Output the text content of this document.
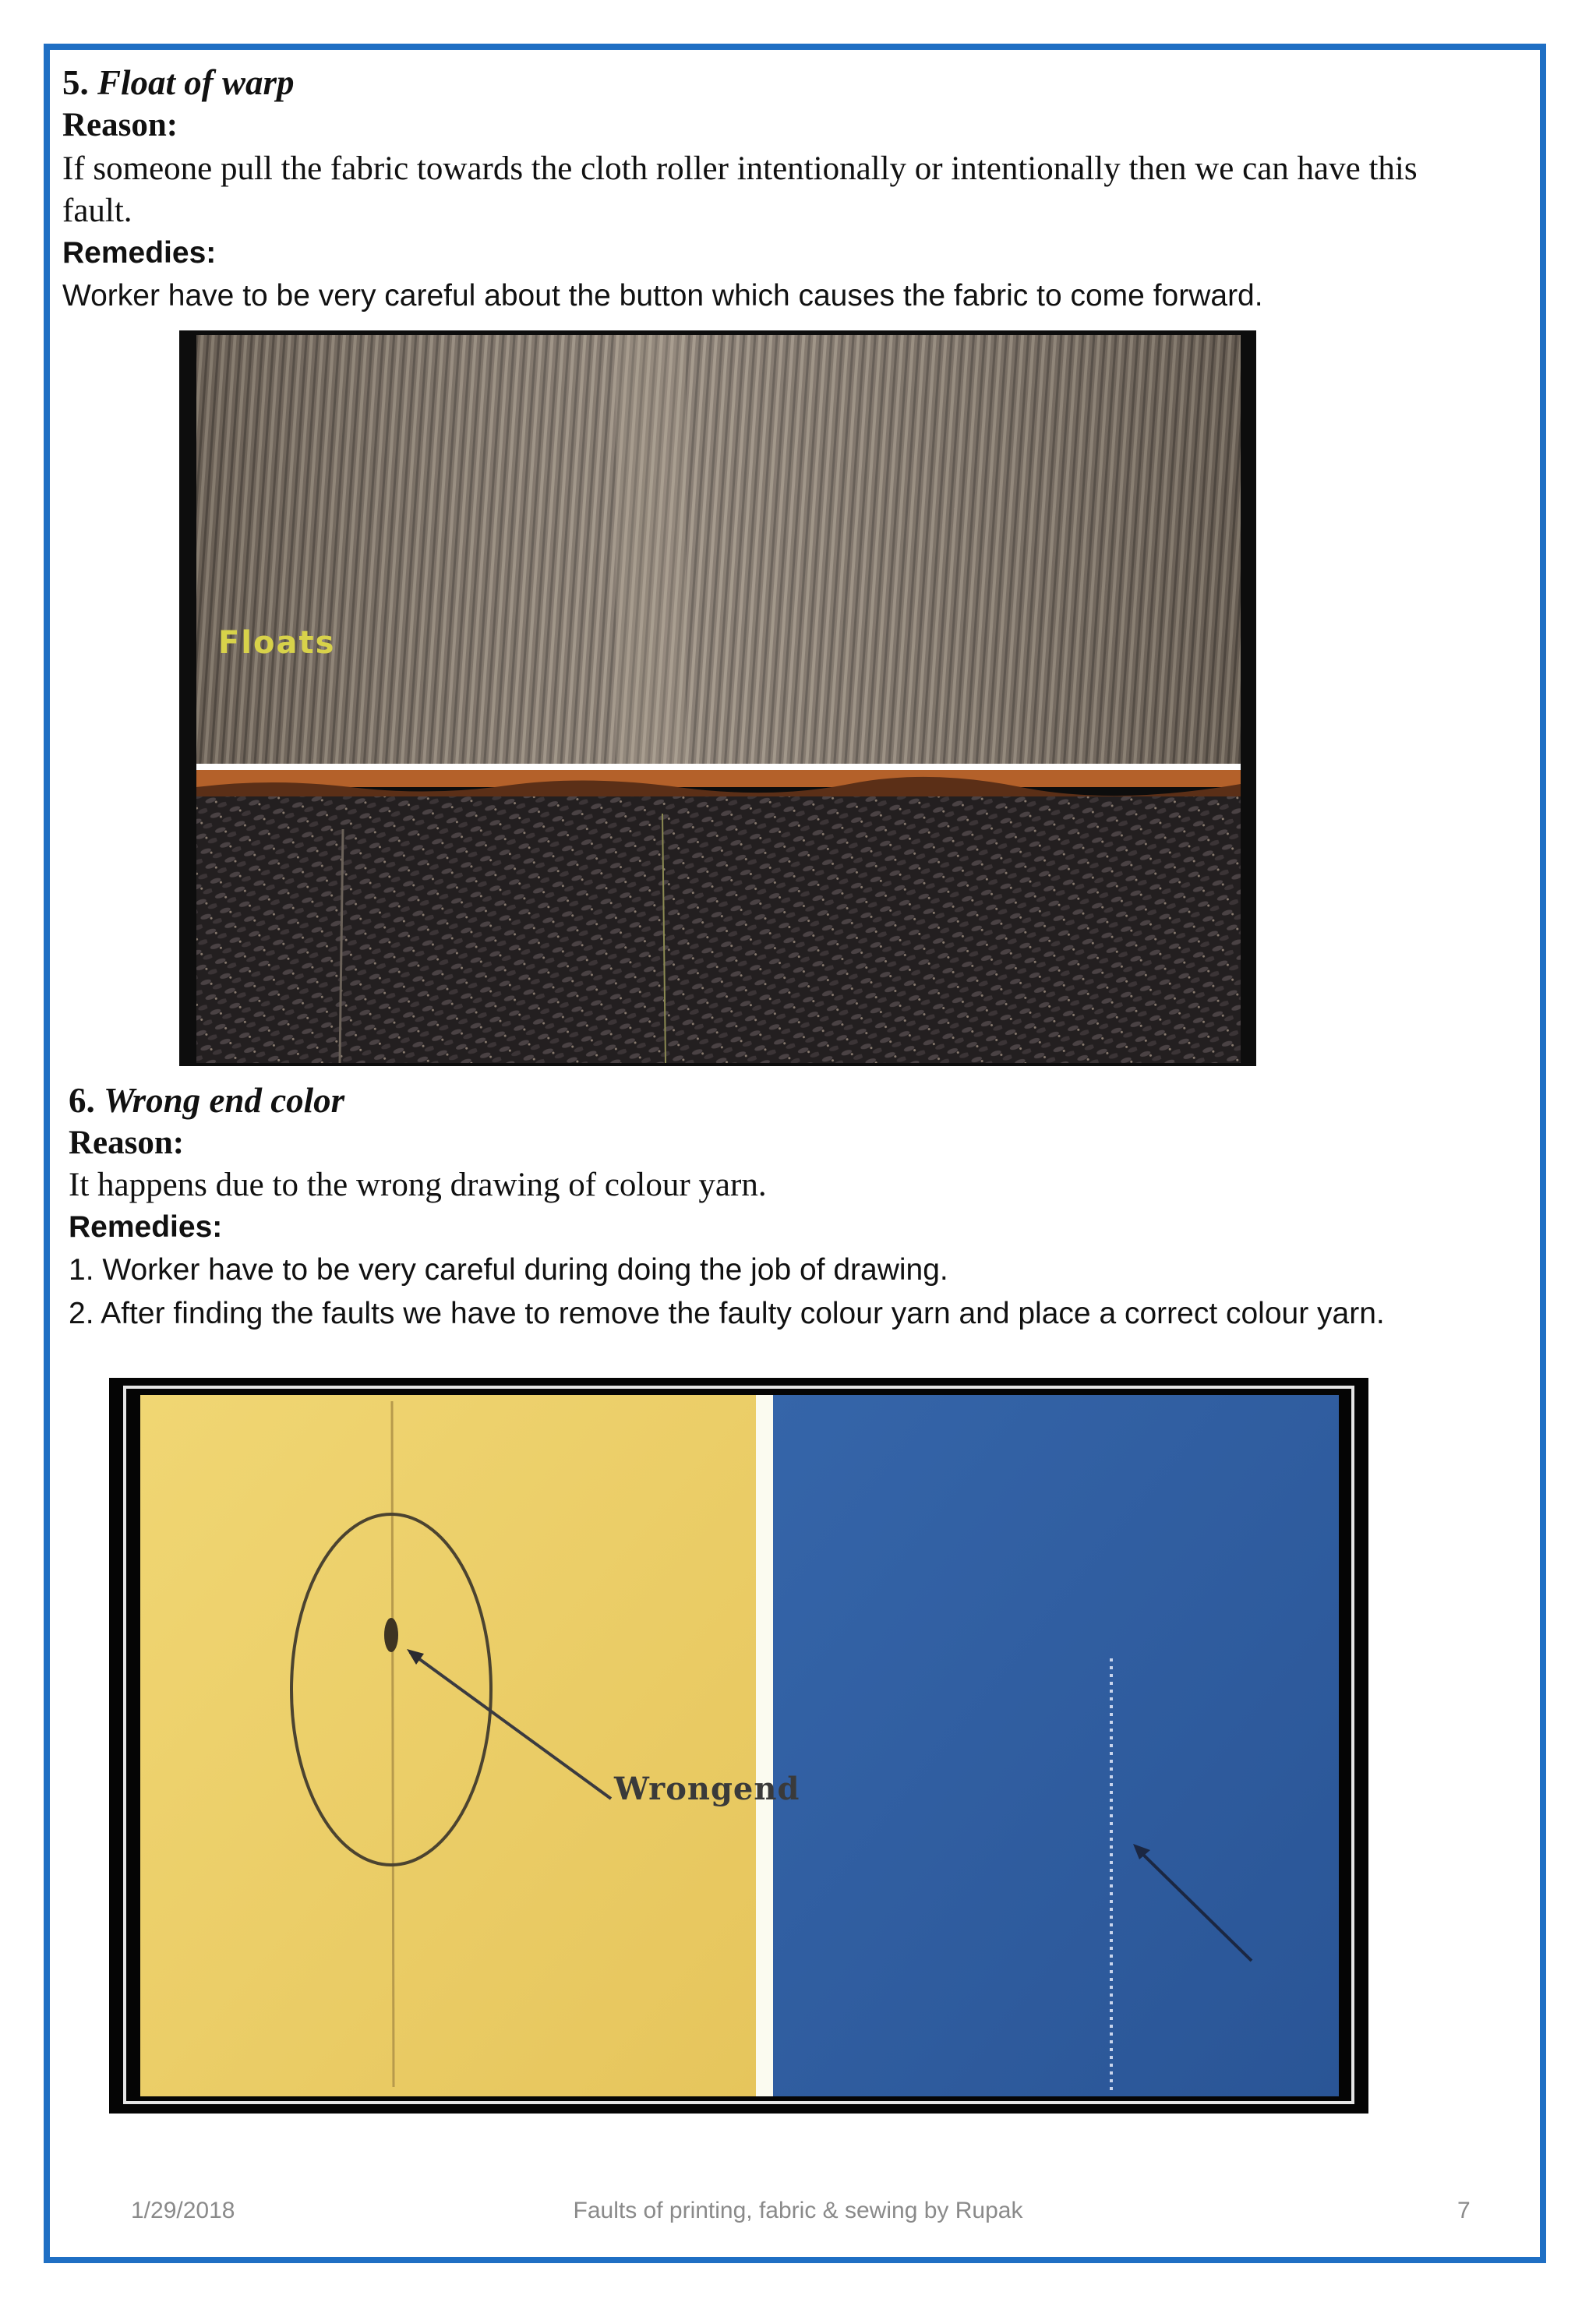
5. Float of warp
Reason:
If someone pull the fabric towards the cloth roller intentionally or intentionally then we can have this
fault.
Remedies:
Worker have to be very careful about the button which causes the fabric to come forward.
Floats
6. Wrong end color
Reason:
It happens due to the wrong drawing of colour yarn.
Remedies:
1. Worker have to be very careful during doing the job of drawing.
2. After finding the faults we have to remove the faulty colour yarn and place a correct colour yarn.
Wrongend
1/29/2018	Faults of printing, fabric & sewing by Rupak	7
